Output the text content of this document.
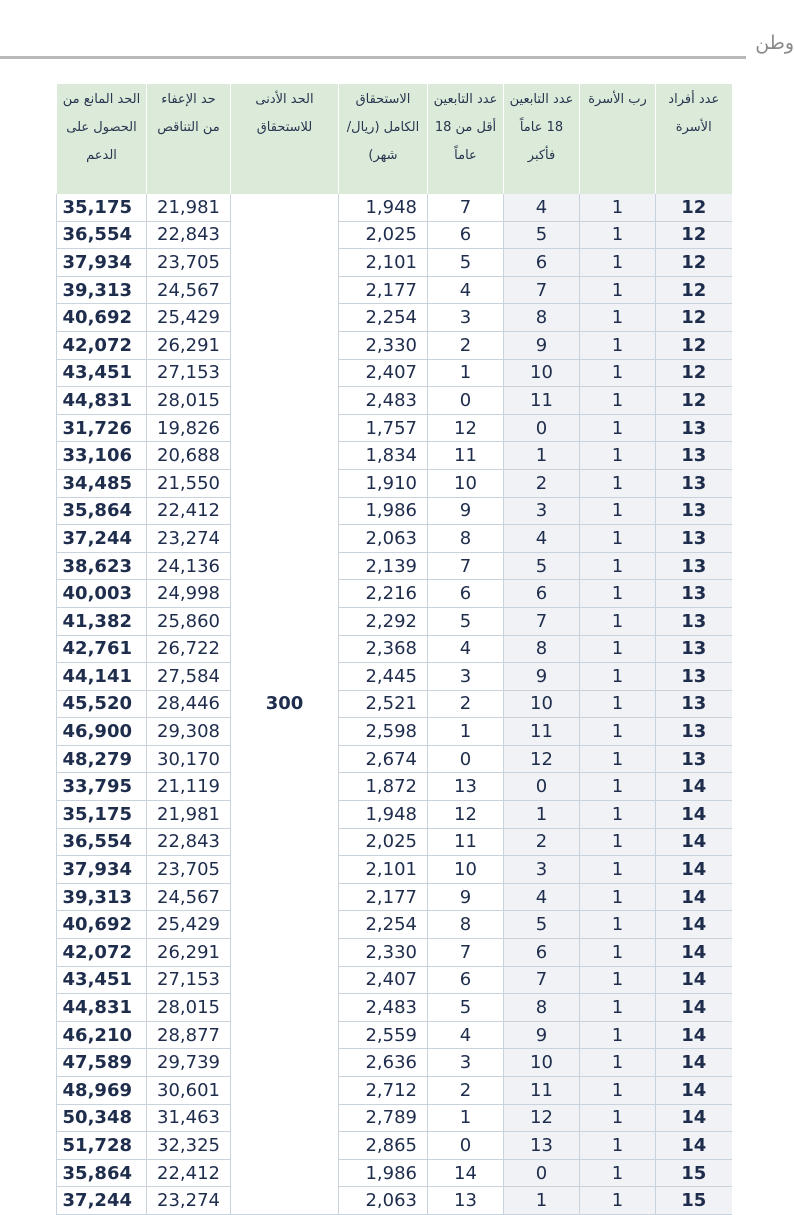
وطن
عدد أفراد الأسرة	رب الأسرة	عدد التابعين 18 عاماً فأكبر	عدد التابعين أقل من 18 عاماً	الاستحقاق الكامل (ريال/شهر)	الحد الأدنى للاستحقاق	حد الإعفاء من التناقص	الحد المانع من الحصول على الدعم
12	1	4	7	1,948	300	21,981	35,175
12	1	5	6	2,025		22,843	36,554
12	1	6	5	2,101		23,705	37,934
12	1	7	4	2,177		24,567	39,313
12	1	8	3	2,254		25,429	40,692
12	1	9	2	2,330		26,291	42,072
12	1	10	1	2,407		27,153	43,451
12	1	11	0	2,483		28,015	44,831
13	1	0	12	1,757		19,826	31,726
13	1	1	11	1,834		20,688	33,106
13	1	2	10	1,910		21,550	34,485
13	1	3	9	1,986		22,412	35,864
13	1	4	8	2,063		23,274	37,244
13	1	5	7	2,139		24,136	38,623
13	1	6	6	2,216		24,998	40,003
13	1	7	5	2,292		25,860	41,382
13	1	8	4	2,368		26,722	42,761
13	1	9	3	2,445		27,584	44,141
13	1	10	2	2,521		28,446	45,520
13	1	11	1	2,598		29,308	46,900
13	1	12	0	2,674		30,170	48,279
14	1	0	13	1,872		21,119	33,795
14	1	1	12	1,948		21,981	35,175
14	1	2	11	2,025		22,843	36,554
14	1	3	10	2,101		23,705	37,934
14	1	4	9	2,177		24,567	39,313
14	1	5	8	2,254		25,429	40,692
14	1	6	7	2,330		26,291	42,072
14	1	7	6	2,407		27,153	43,451
14	1	8	5	2,483		28,015	44,831
14	1	9	4	2,559		28,877	46,210
14	1	10	3	2,636		29,739	47,589
14	1	11	2	2,712		30,601	48,969
14	1	12	1	2,789		31,463	50,348
14	1	13	0	2,865		32,325	51,728
15	1	0	14	1,986		22,412	35,864
15	1	1	13	2,063		23,274	37,244
